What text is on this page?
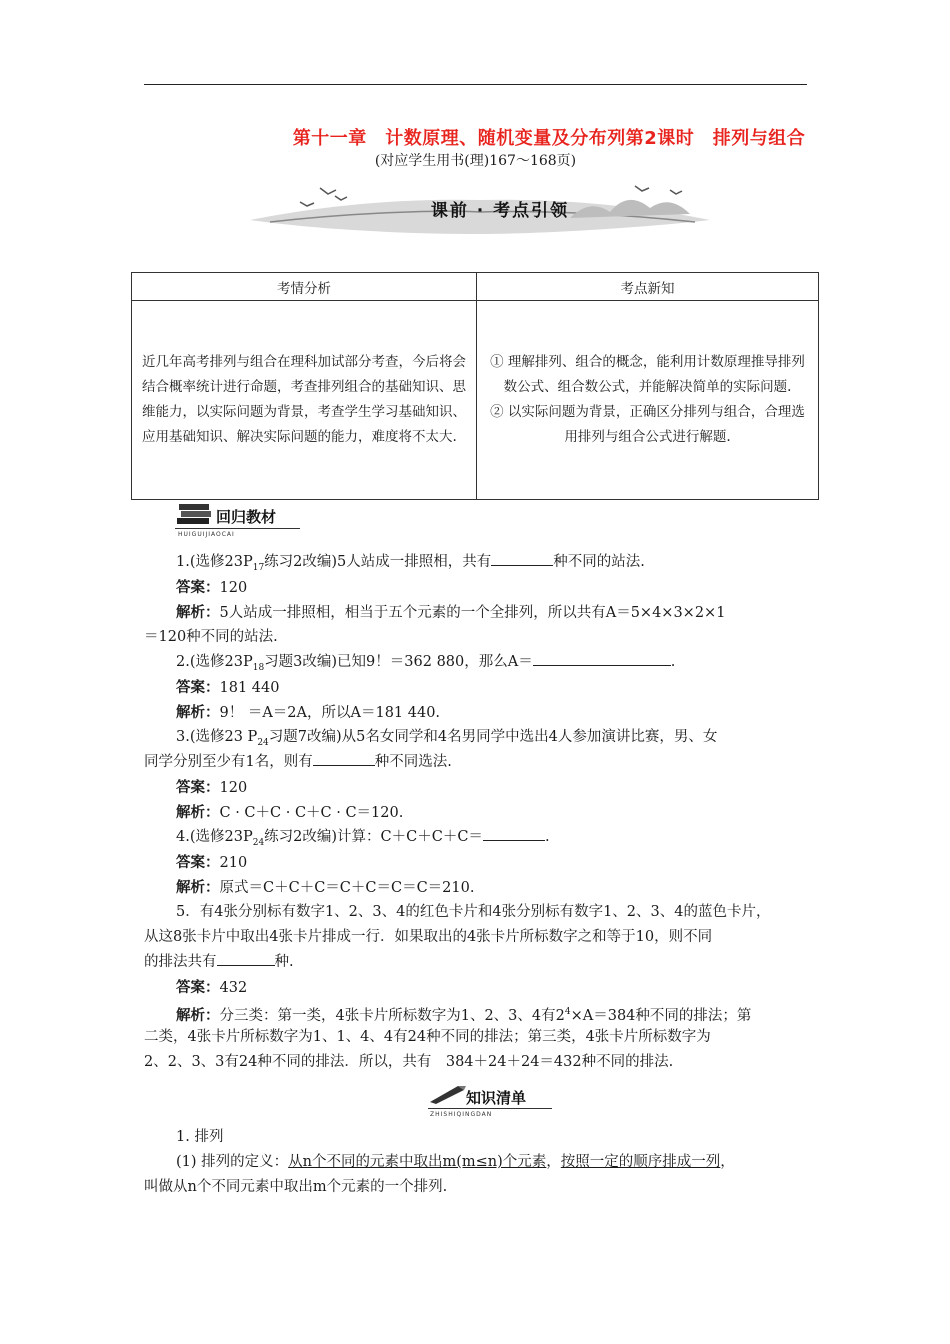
第十一章　计数原理、随机变量及分布列第2课时　排列与组合
(对应学生用书(理)167～168页)
课前 · 考点引领
考情分析	考点新知
近几年高考排列与组合在理科加试部分考查，今后将会结合概率统计进行命题，考查排列组合的基础知识、思维能力，以实际问题为背景，考查学生学习基础知识、应用基础知识、解决实际问题的能力，难度将不太大.	① 理解排列、组合的概念，能利用计数原理推导排列数公式、组合数公式，并能解决简单的实际问题.
② 以实际问题为背景，正确区分排列与组合，合理选用排列与组合公式进行解题.
回归教材
HUIGUIJIAOCAI
1.(选修$23P_{17}$练习2改编)5人站成一排照相，共有	种不同的站法.
答案：120
解析：5人站成一排照相，相当于五个元素的一个全排列，所以共有A＝5×4×3×2×1
＝120种不同的站法.
2.(选修$23P_{18}$习题3改编)已知9！＝362 880，那么A＝	.
答案：181 440
解析：9！ ＝A＝2A，所以A＝181 440.
3.(选修23 $P_{24}$习题7改编)从5名女同学和4名男同学中选出4人参加演讲比赛，男、女
同学分别至少有1名，则有	种不同选法.
答案：120
解析：C · C＋C · C＋C · C＝120.
4.(选修$23P_{24}$练习2改编)计算：C＋C＋C＋C＝	.
答案：210
解析：原式＝C＋C＋C＝C＋C＝C＝C＝210.
5．有4张分别标有数字1、2、3、4的红色卡片和4张分别标有数字1、2、3、4的蓝色卡片，
从这8张卡片中取出4张卡片排成一行．如果取出的4张卡片所标数字之和等于10，则不同
的排法共有	种.
答案：432
解析：分三类：第一类，4张卡片所标数字为1、2、3、4有$2^4\times A=384$种不同的排法；第
二类，4张卡片所标数字为1、1、4、4有24种不同的排法；第三类，4张卡片所标数字为
2、2、3、3有24种不同的排法．所以，共有　384＋24＋24＝432种不同的排法.
知识清单
ZHISHIQINGDAN
1. 排列
(1) 排列的定义：从n个不同的元素中取出m(m≤n)个元素，按照一定的顺序排成一列，
叫做从n个不同元素中取出m个元素的一个排列.
